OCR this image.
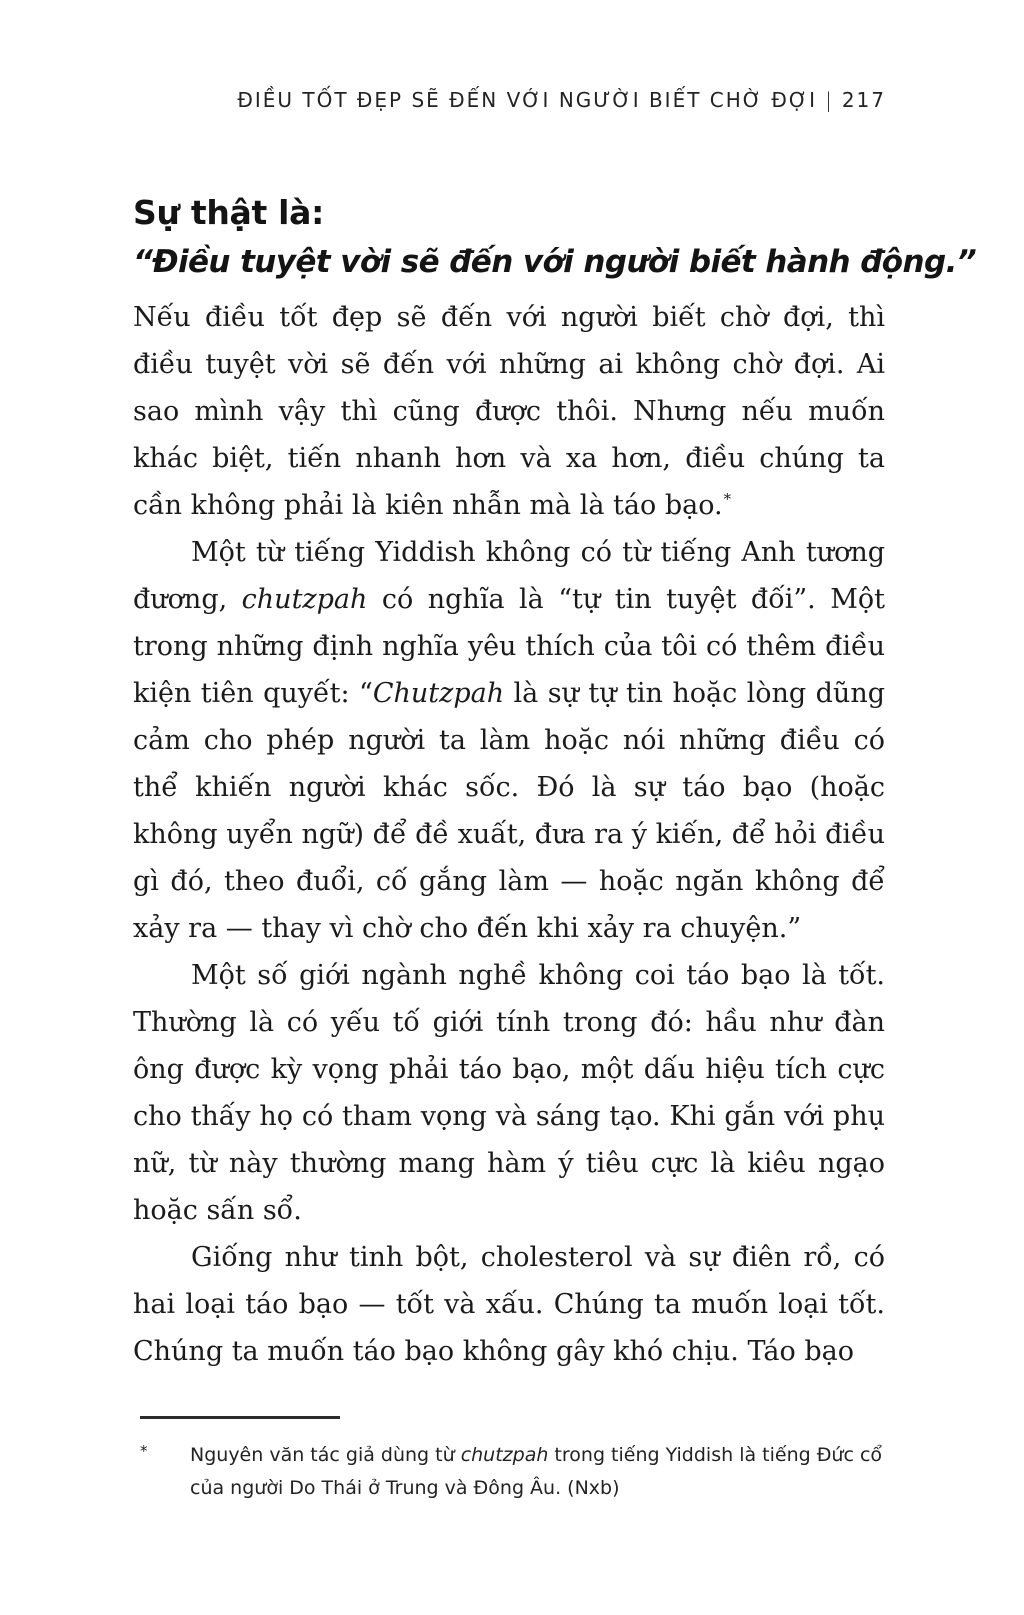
ĐIỀU TỐT ĐẸP SẼ ĐẾN VỚI NGƯỜI BIẾT CHỜ ĐỢI | 217
Sự thật là:
“Điều tuyệt vời sẽ đến với người biết hành động.”

Nếu điều tốt đẹp sẽ đến với người biết chờ đợi, thì điều tuyệt vời sẽ đến với những ai không chờ đợi. Ai sao mình vậy thì cũng được thôi. Nhưng nếu muốn khác biệt, tiến nhanh hơn và xa hơn, điều chúng ta cần không phải là kiên nhẫn mà là táo bạo.*

Một từ tiếng Yiddish không có từ tiếng Anh tương đương, chutzpah có nghĩa là “tự tin tuyệt đối”. Một trong những định nghĩa yêu thích của tôi có thêm điều kiện tiên quyết: “Chutzpah là sự tự tin hoặc lòng dũng cảm cho phép người ta làm hoặc nói những điều có thể khiến người khác sốc. Đó là sự táo bạo (hoặc không uyển ngữ) để đề xuất, đưa ra ý kiến, để hỏi điều gì đó, theo đuổi, cố gắng làm — hoặc ngăn không để xảy ra — thay vì chờ cho đến khi xảy ra chuyện.”

Một số giới ngành nghề không coi táo bạo là tốt. Thường là có yếu tố giới tính trong đó: hầu như đàn ông được kỳ vọng phải táo bạo, một dấu hiệu tích cực cho thấy họ có tham vọng và sáng tạo. Khi gắn với phụ nữ, từ này thường mang hàm ý tiêu cực là kiêu ngạo hoặc sấn sổ.

Giống như tinh bột, cholesterol và sự điên rồ, có hai loại táo bạo — tốt và xấu. Chúng ta muốn loại tốt. Chúng ta muốn táo bạo không gây khó chịu. Táo bạo

*	Nguyên văn tác giả dùng từ chutzpah trong tiếng Yiddish là tiếng Đức cổ của người Do Thái ở Trung và Đông Âu. (Nxb)
